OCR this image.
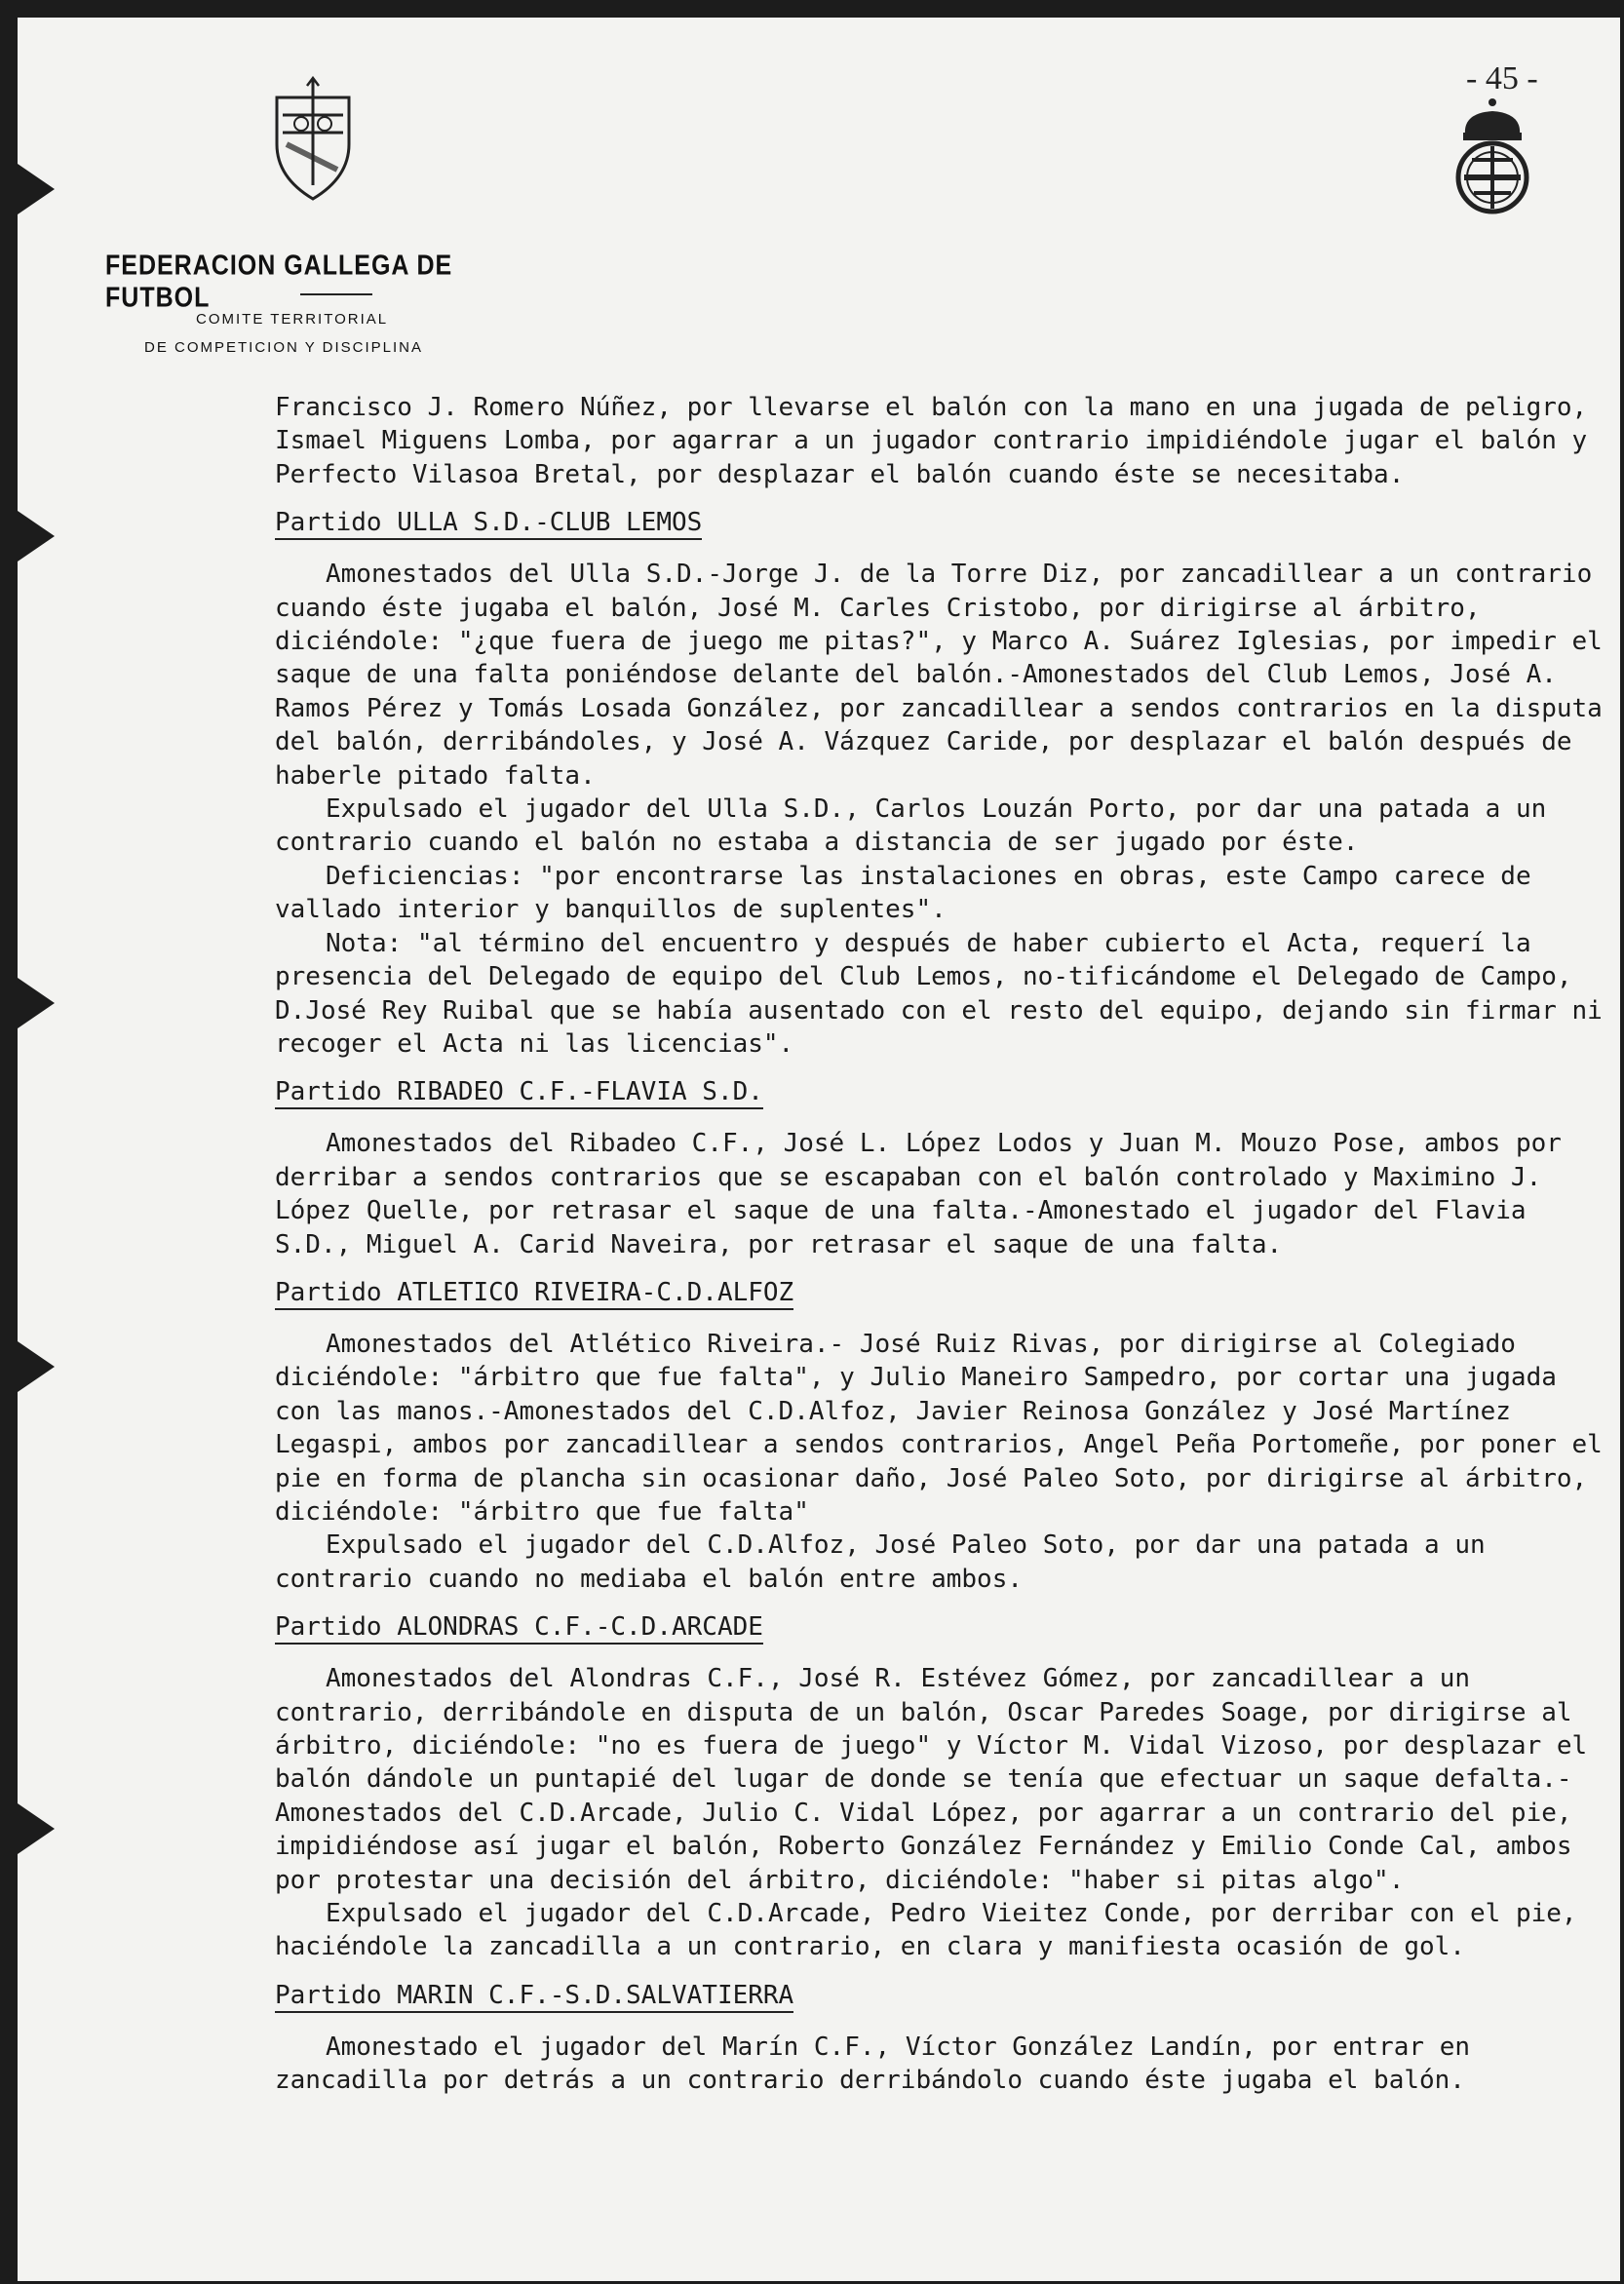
- 45 -
FEDERACION GALLEGA DE FUTBOL
COMITE TERRITORIAL
DE COMPETICION Y DISCIPLINA

Francisco J. Romero Núñez, por llevarse el balón con la mano en una jugada de peligro, Ismael Miguens Lomba, por agarrar a un jugador contrario impidiéndole jugar el balón y Perfecto Vilasoa Bretal, por desplazar el balón cuando éste se necesitaba.

Partido ULLA S.D.-CLUB LEMOS

Amonestados del Ulla S.D.-Jorge J. de la Torre Diz, por zancadillear a un contrario cuando éste jugaba el balón, José M. Carles Cristobo, por dirigirse al árbitro, diciéndole: "¿que fuera de juego me pitas?", y Marco A. Suárez Iglesias, por impedir el saque de una falta poniéndose delante del balón.-Amonestados del Club Lemos, José A. Ramos Pérez y Tomás Losada González, por zancadillear a sendos contrarios en la disputa del balón, derribándoles, y José A. Vázquez Caride, por desplazar el balón después de haberle pitado falta.

Expulsado el jugador del Ulla S.D., Carlos Louzán Porto, por dar una patada a un contrario cuando el balón no estaba a distancia de ser jugado por éste.

Deficiencias: "por encontrarse las instalaciones en obras, este Campo carece de vallado interior y banquillos de suplentes".

Nota: "al término del encuentro y después de haber cubierto el Acta, requerí la presencia del Delegado de equipo del Club Lemos, no-tificándome el Delegado de Campo, D.José Rey Ruibal que se había ausentado con el resto del equipo, dejando sin firmar ni recoger el Acta ni las licencias".

Partido RIBADEO C.F.-FLAVIA S.D.

Amonestados del Ribadeo C.F., José L. López Lodos y Juan M. Mouzo Pose, ambos por derribar a sendos contrarios que se escapaban con el balón controlado y Maximino J. López Quelle, por retrasar el saque de una falta.-Amonestado el jugador del Flavia S.D., Miguel A. Carid Naveira, por retrasar el saque de una falta.

Partido ATLETICO RIVEIRA-C.D.ALFOZ

Amonestados del Atlético Riveira.- José Ruiz Rivas, por dirigirse al Colegiado diciéndole: "árbitro que fue falta", y Julio Maneiro Sampedro, por cortar una jugada con las manos.-Amonestados del C.D.Alfoz, Javier Reinosa González y José Martínez Legaspi, ambos por zancadillear a sendos contrarios, Angel Peña Portomeñe, por poner el pie en forma de plancha sin ocasionar daño, José Paleo Soto, por dirigirse al árbitro, diciéndole: "árbitro que fue falta"

Expulsado el jugador del C.D.Alfoz, José Paleo Soto, por dar una patada a un contrario cuando no mediaba el balón entre ambos.

Partido ALONDRAS C.F.-C.D.ARCADE

Amonestados del Alondras C.F., José R. Estévez Gómez, por zancadillear a un contrario, derribándole en disputa de un balón, Oscar Paredes Soage, por dirigirse al árbitro, diciéndole: "no es fuera de juego" y Víctor M. Vidal Vizoso, por desplazar el balón dándole un puntapié del lugar de donde se tenía que efectuar un saque defalta.-Amonestados del C.D.Arcade, Julio C. Vidal López, por agarrar a un contrario del pie, impidiéndose así jugar el balón, Roberto González Fernández y Emilio Conde Cal, ambos por protestar una decisión del árbitro, diciéndole: "haber si pitas algo".

Expulsado el jugador del C.D.Arcade, Pedro Vieitez Conde, por derribar con el pie, haciéndole la zancadilla a un contrario, en clara y manifiesta ocasión de gol.

Partido MARIN C.F.-S.D.SALVATIERRA

Amonestado el jugador del Marín C.F., Víctor González Landín, por entrar en zancadilla por detrás a un contrario derribándolo cuando éste jugaba el balón.
